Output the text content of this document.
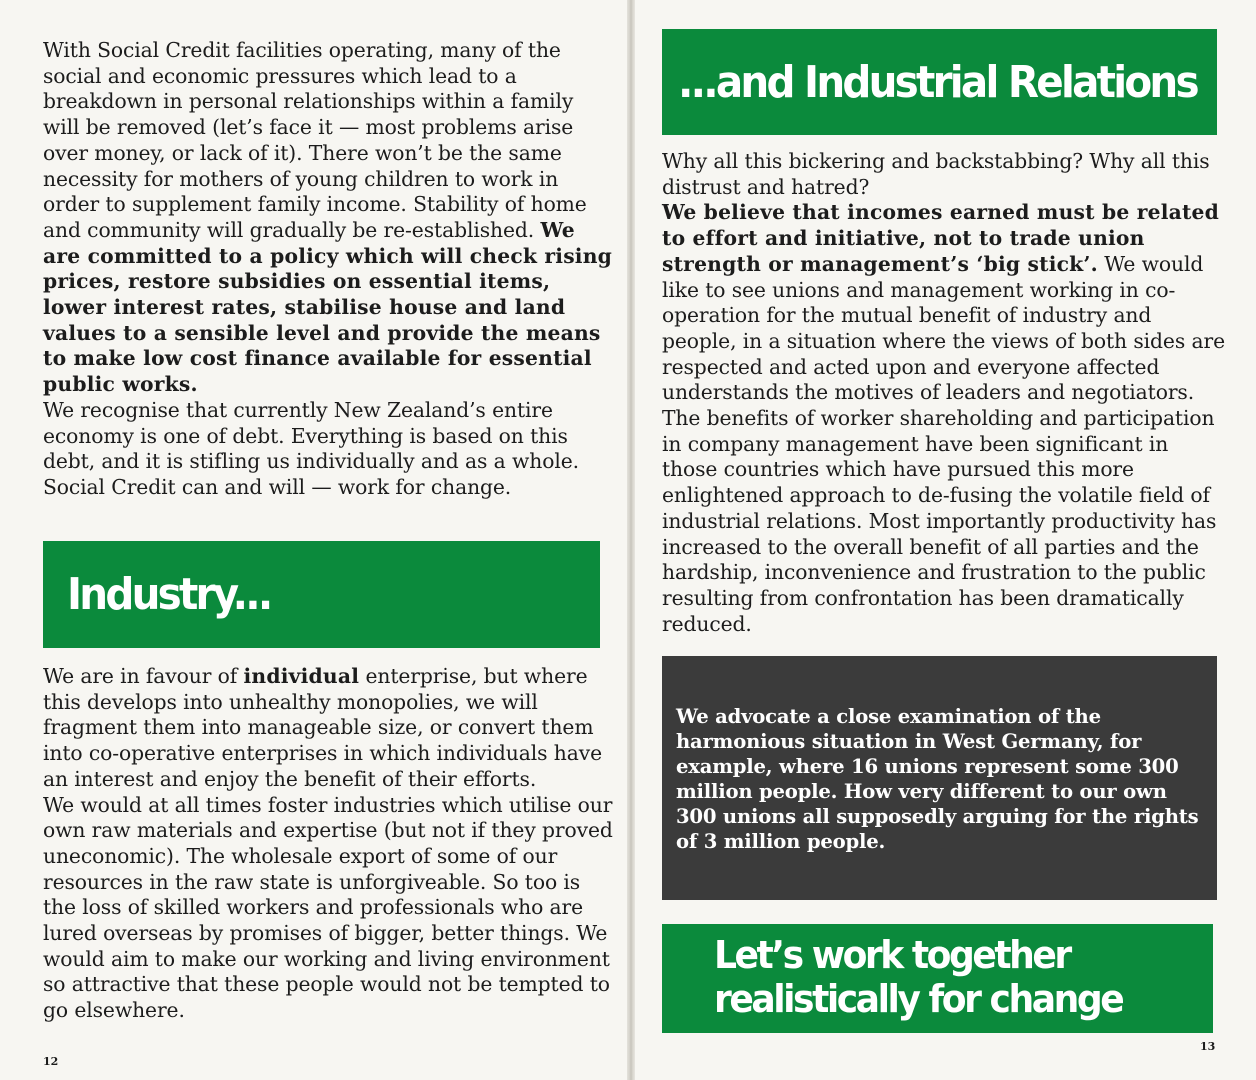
With Social Credit facilities operating, many of the social and economic pressures which lead to a breakdown in personal relationships within a family will be removed (let’s face it — most problems arise over money, or lack of it). There won’t be the same necessity for mothers of young children to work in order to supplement family income. Stability of home and community will gradually be re-established. We are committed to a policy which will check rising prices, restore subsidies on essential items, lower interest rates, stabilise house and land values to a sensible level and provide the means to make low cost finance available for essential public works.

We recognise that currently New Zealand’s entire economy is one of debt. Everything is based on this debt, and it is stifling us individually and as a whole. Social Credit can and will — work for change.

Industry...

We are in favour of individual enterprise, but where this develops into unhealthy monopolies, we will fragment them into manageable size, or convert them into co-operative enterprises in which individuals have an interest and enjoy the benefit of their efforts.

We would at all times foster industries which utilise our own raw materials and expertise (but not if they proved uneconomic). The wholesale export of some of our resources in the raw state is unforgiveable. So too is the loss of skilled workers and professionals who are lured overseas by promises of bigger, better things. We would aim to make our working and living environment so attractive that these people would not be tempted to go elsewhere.

12
...and Industrial Relations

Why all this bickering and backstabbing? Why all this distrust and hatred?

We believe that incomes earned must be related to effort and initiative, not to trade union strength or management’s ‘big stick’. We would like to see unions and management working in co-operation for the mutual benefit of industry and people, in a situation where the views of both sides are respected and acted upon and everyone affected understands the motives of leaders and negotiators.

The benefits of worker shareholding and participation in company management have been significant in those countries which have pursued this more enlightened approach to de-fusing the volatile field of industrial relations. Most importantly productivity has increased to the overall benefit of all parties and the hardship, inconvenience and frustration to the public resulting from confrontation has been dramatically reduced.

We advocate a close examination of the harmonious situation in West Germany, for example, where 16 unions represent some 300 million people. How very different to our own 300 unions all supposedly arguing for the rights of 3 million people.
Let’s work together
realistically for change
13
